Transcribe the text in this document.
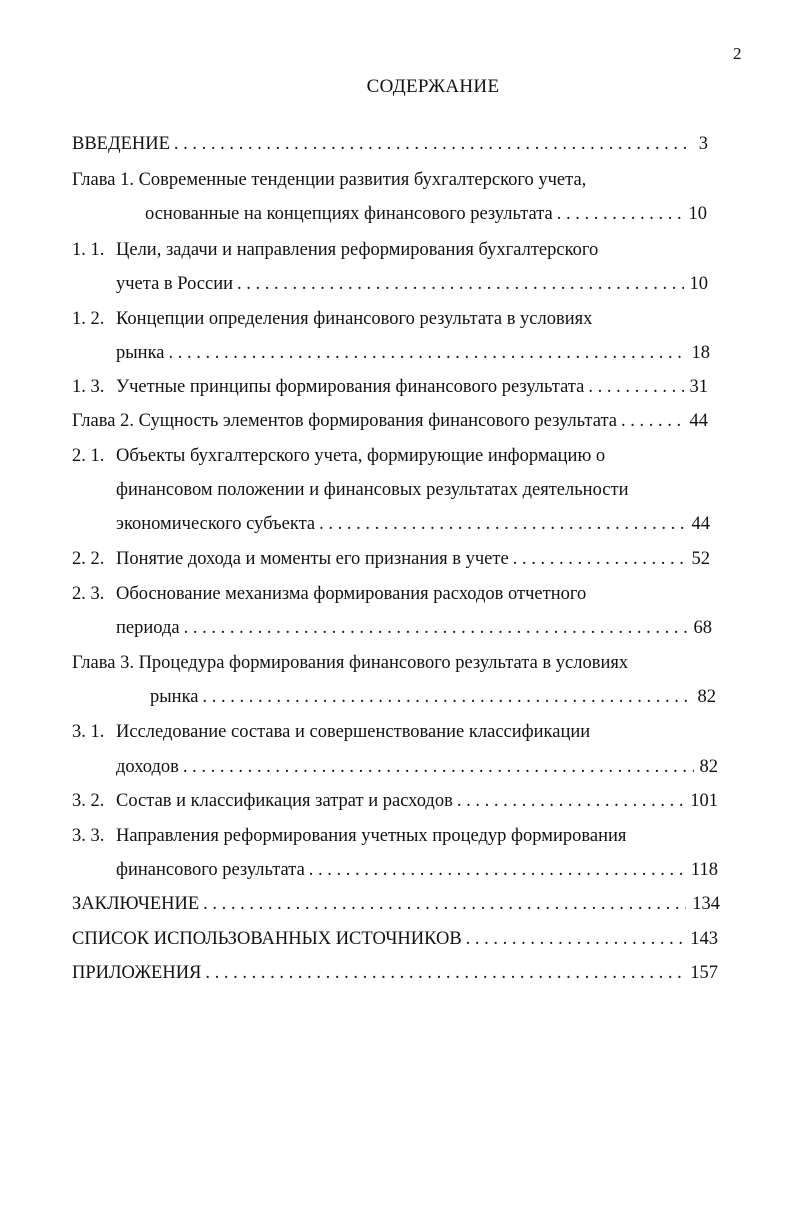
2
СОДЕРЖАНИЕ
ВВЕДЕНИЕ . . .	3
Глава 1. Современные тенденции развития бухгалтерского учета,
основанные на концепциях финансового результата . . .	10
1. 1. Цели, задачи и направления реформирования бухгалтерского
учета в России . . .	10
1. 2. Концепции определения финансового результата в условиях
рынка . . .	18
1. 3. Учетные принципы формирования финансового результата . . .	31
Глава 2. Сущность элементов формирования финансового результата . . .	44
2. 1. Объекты бухгалтерского учета, формирующие информацию о
финансовом положении и финансовых результатах деятельности
экономического субъекта . . .	44
2. 2. Понятие дохода и моменты его признания в учете . . .	52
2. 3. Обоснование механизма формирования расходов отчетного
периода . . .	68
Глава 3. Процедура формирования финансового результата в условиях
рынка . . .	82
3. 1. Исследование состава и совершенствование классификации
доходов . . .	82
3. 2. Состав и классификация затрат и расходов . . .	101
3. 3. Направления реформирования учетных процедур формирования
финансового результата . . .	118
ЗАКЛЮЧЕНИЕ . . .	134
СПИСОК ИСПОЛЬЗОВАННЫХ ИСТОЧНИКОВ . . .	143
ПРИЛОЖЕНИЯ . . .	157
